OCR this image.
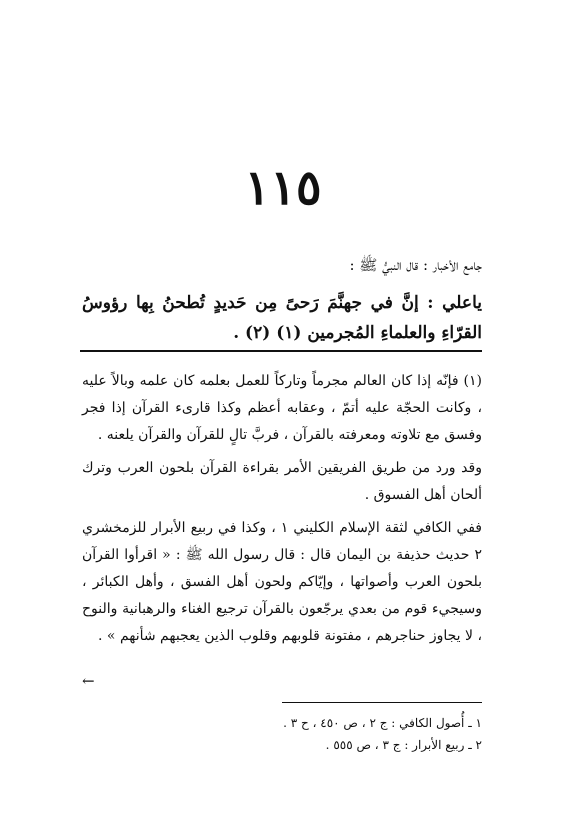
١١٥
جامع الأخبار : قال النبيُّ ﷺ :
ياعلي : إنَّ في جهنَّمَ رَحىً مِن حَديدٍ تُطحنُ بِها رؤوسُ القرّاءِ والعلماءِ المُجرمين (١) (٢) .

(١) فإنّه إذا كان العالم مجرماً وتاركاً للعمل بعلمه كان علمه وبالاً عليه ، وكانت الحجّة عليه أتمّ ، وعقابه أعظم وكذا قارىء القرآن إذا فجر وفسق مع تلاوته ومعرفته بالقرآن ، فربَّ تالٍ للقرآن والقرآن يلعنه .

وقد ورد من طريق الفريقين الأمر بقراءة القرآن بلحون العرب وترك ألحان أهل الفسوق .

ففي الكافي لثقة الإسلام الكليني ١ ، وكذا في ربيع الأبرار للزمخشري ٢ حديث حذيفة بن اليمان قال : قال رسول الله ﷺ : « اقرأوا القرآن بلحون العرب وأصواتها ، وإيّاكم ولحون أهل الفسق ، وأهل الكبائر ، وسيجيء قوم من بعدي يرجّعون بالقرآن ترجيع الغناء والرهبانية والنوح ، لا يجاوز حناجرهم ، مفتونة قلوبهم وقلوب الذين يعجبهم شأنهم » .

←
١ ـ أُصول الكافي : ج ٢ ، ص ٤٥٠ ، ح ٣ .
٢ ـ ربيع الأبرار : ج ٣ ، ص ٥٥٥ .
